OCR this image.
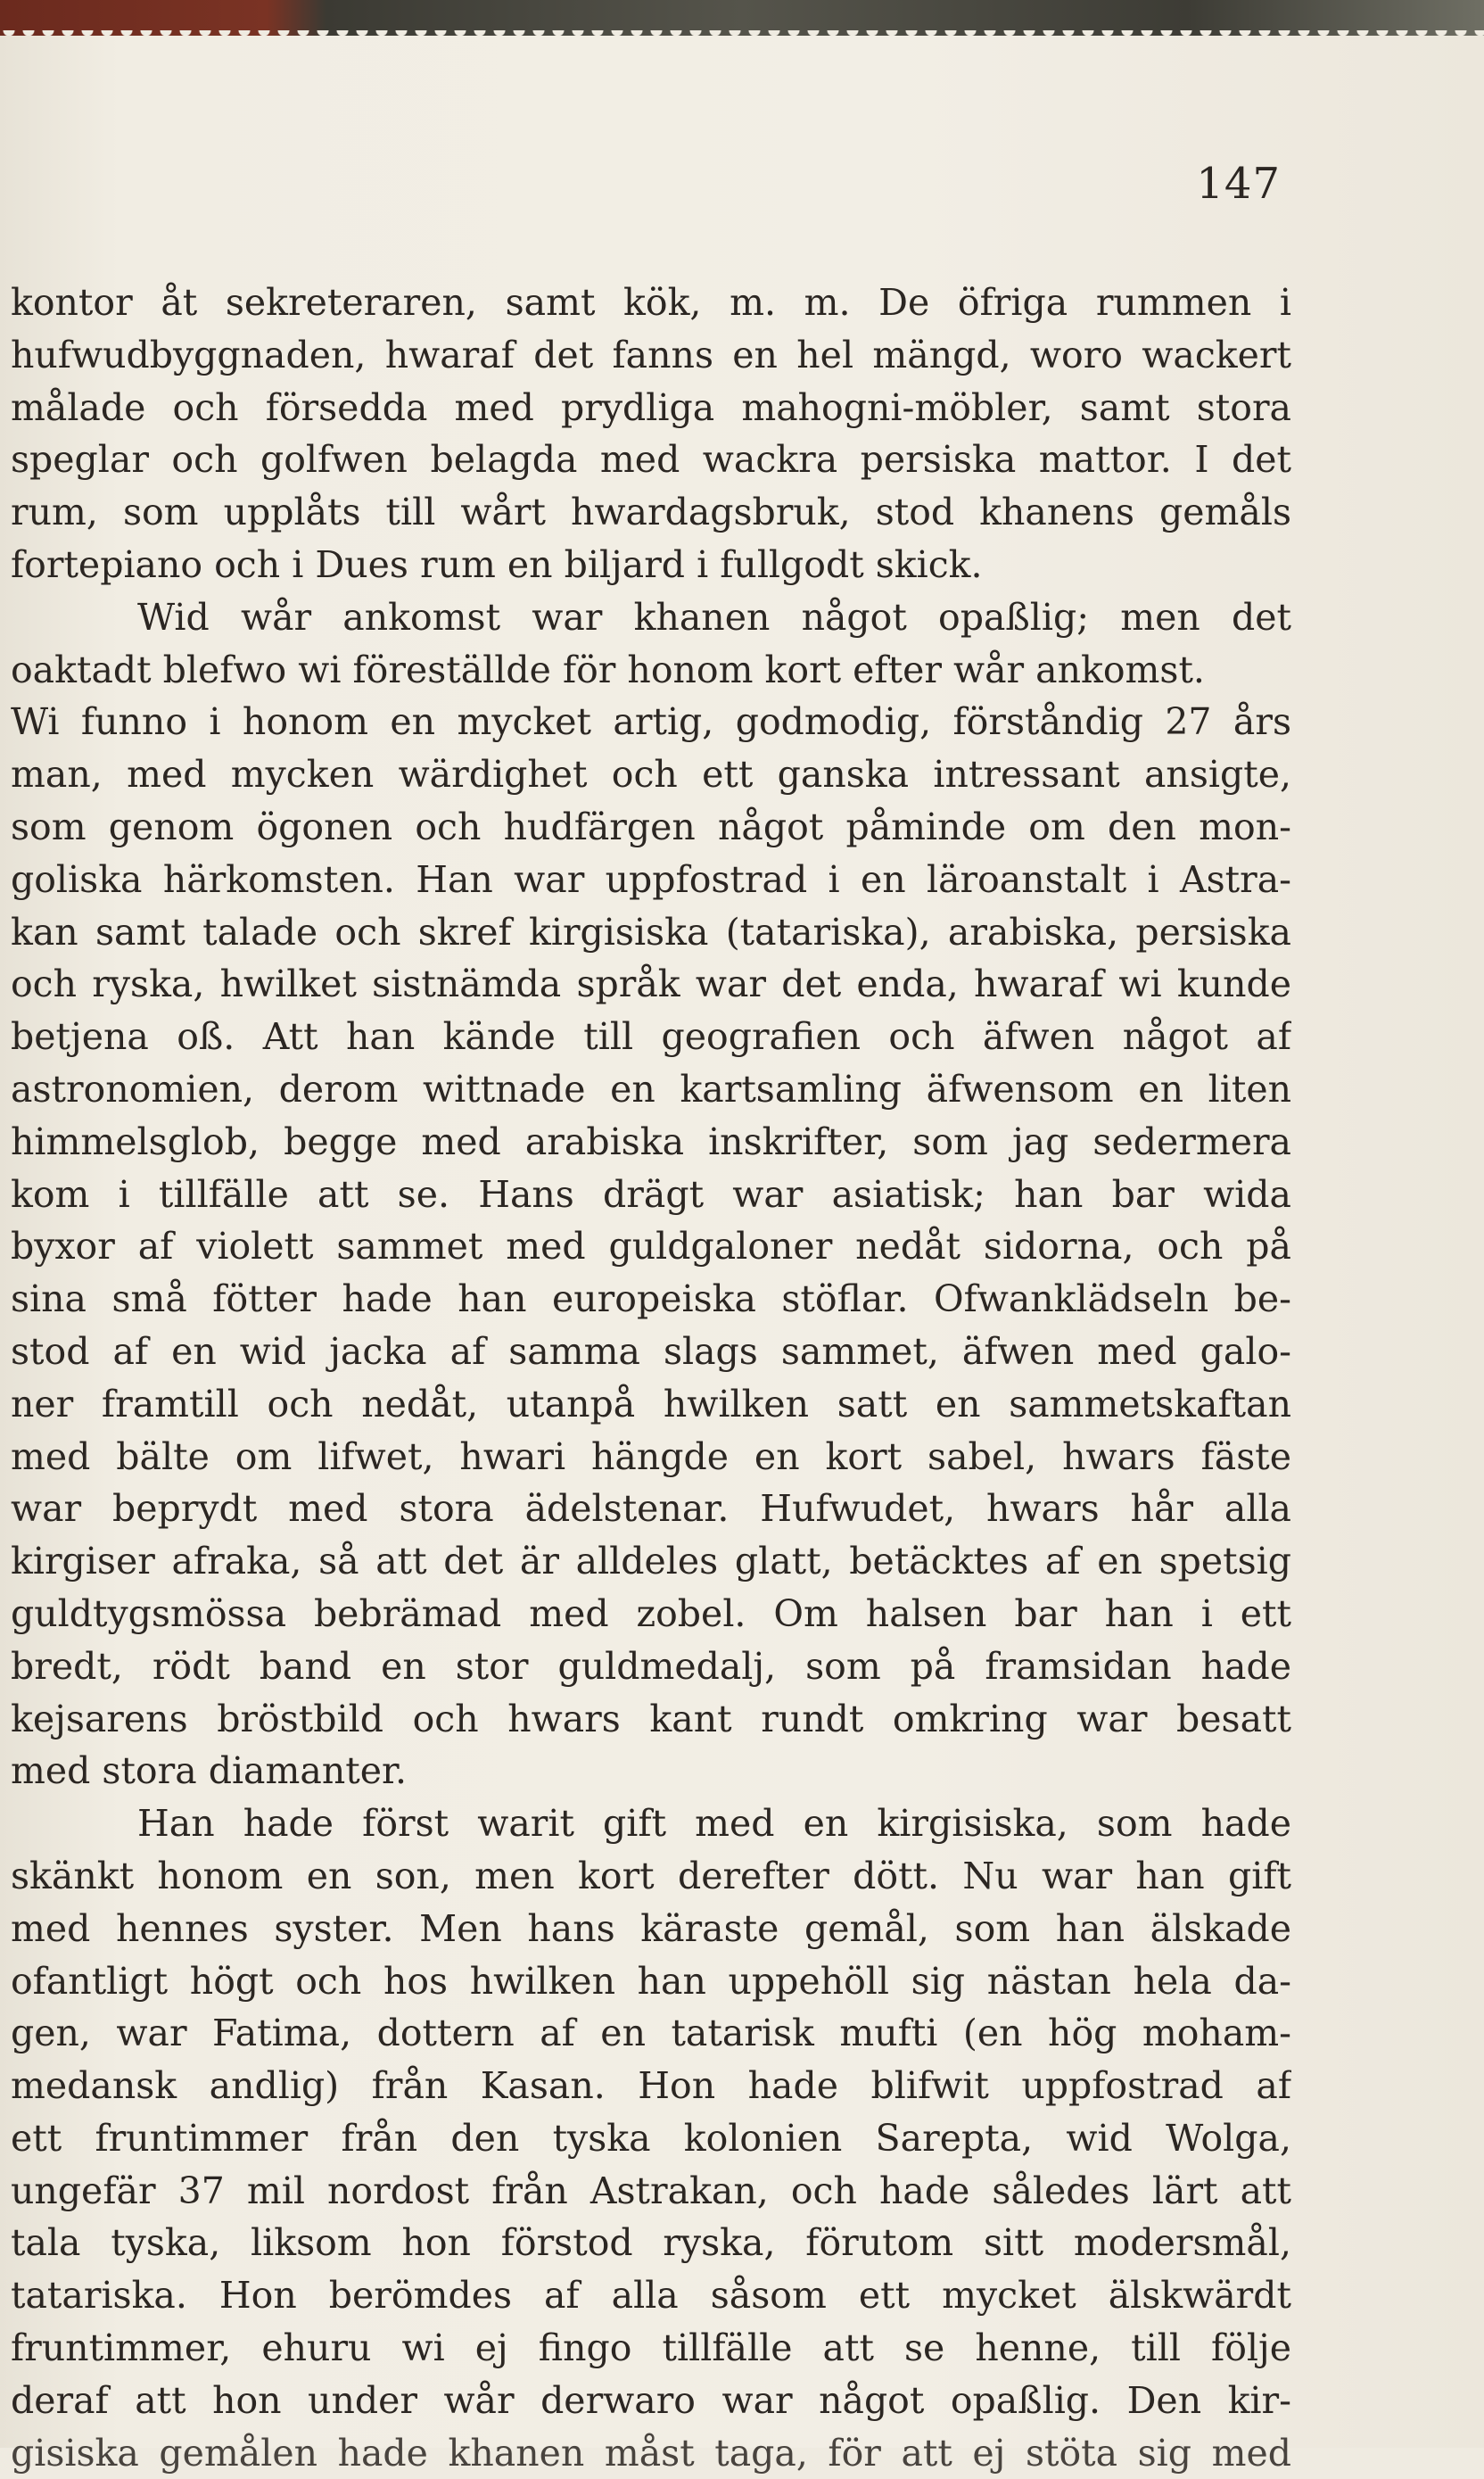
147
kontor åt sekreteraren, samt kök, m. m. De öfriga rummen i
hufwudbyggnaden, hwaraf det fanns en hel mängd, woro wackert
målade och försedda med prydliga mahogni-möbler, samt stora
speglar och golfwen belagda med wackra persiska mattor. I det
rum, som upplåts till wårt hwardagsbruk, stod khanens gemåls
fortepiano och i Dues rum en biljard i fullgodt skick.
Wid wår ankomst war khanen något opaßlig; men det
oaktadt blefwo wi föreställde för honom kort efter wår ankomst.
Wi funno i honom en mycket artig, godmodig, förståndig 27 års
man, med mycken wärdighet och ett ganska intressant ansigte,
som genom ögonen och hudfärgen något påminde om den mon-
goliska härkomsten. Han war uppfostrad i en läroanstalt i Astra-
kan samt talade och skref kirgisiska (tatariska), arabiska, persiska
och ryska, hwilket sistnämda språk war det enda, hwaraf wi kunde
betjena oß. Att han kände till geografien och äfwen något af
astronomien, derom wittnade en kartsamling äfwensom en liten
himmelsglob, begge med arabiska inskrifter, som jag sedermera
kom i tillfälle att se. Hans drägt war asiatisk; han bar wida
byxor af violett sammet med guldgaloner nedåt sidorna, och på
sina små fötter hade han europeiska stöflar. Ofwanklädseln be-
stod af en wid jacka af samma slags sammet, äfwen med galo-
ner framtill och nedåt, utanpå hwilken satt en sammetskaftan
med bälte om lifwet, hwari hängde en kort sabel, hwars fäste
war beprydt med stora ädelstenar. Hufwudet, hwars hår alla
kirgiser afraka, så att det är alldeles glatt, betäcktes af en spetsig
guldtygsmössa bebrämad med zobel. Om halsen bar han i ett
bredt, rödt band en stor guldmedalj, som på framsidan hade
kejsarens bröstbild och hwars kant rundt omkring war besatt
med stora diamanter.
Han hade först warit gift med en kirgisiska, som hade
skänkt honom en son, men kort derefter dött. Nu war han gift
med hennes syster. Men hans käraste gemål, som han älskade
ofantligt högt och hos hwilken han uppehöll sig nästan hela da-
gen, war Fatima, dottern af en tatarisk mufti (en hög moham-
medansk andlig) från Kasan. Hon hade blifwit uppfostrad af
ett fruntimmer från den tyska kolonien Sarepta, wid Wolga,
ungefär 37 mil nordost från Astrakan, och hade således lärt att
tala tyska, liksom hon förstod ryska, förutom sitt modersmål,
tatariska. Hon berömdes af alla såsom ett mycket älskwärdt
fruntimmer, ehuru wi ej fingo tillfälle att se henne, till följe
deraf att hon under wår derwaro war något opaßlig. Den kir-
gisiska gemålen hade khanen måst taga, för att ej stöta sig med
